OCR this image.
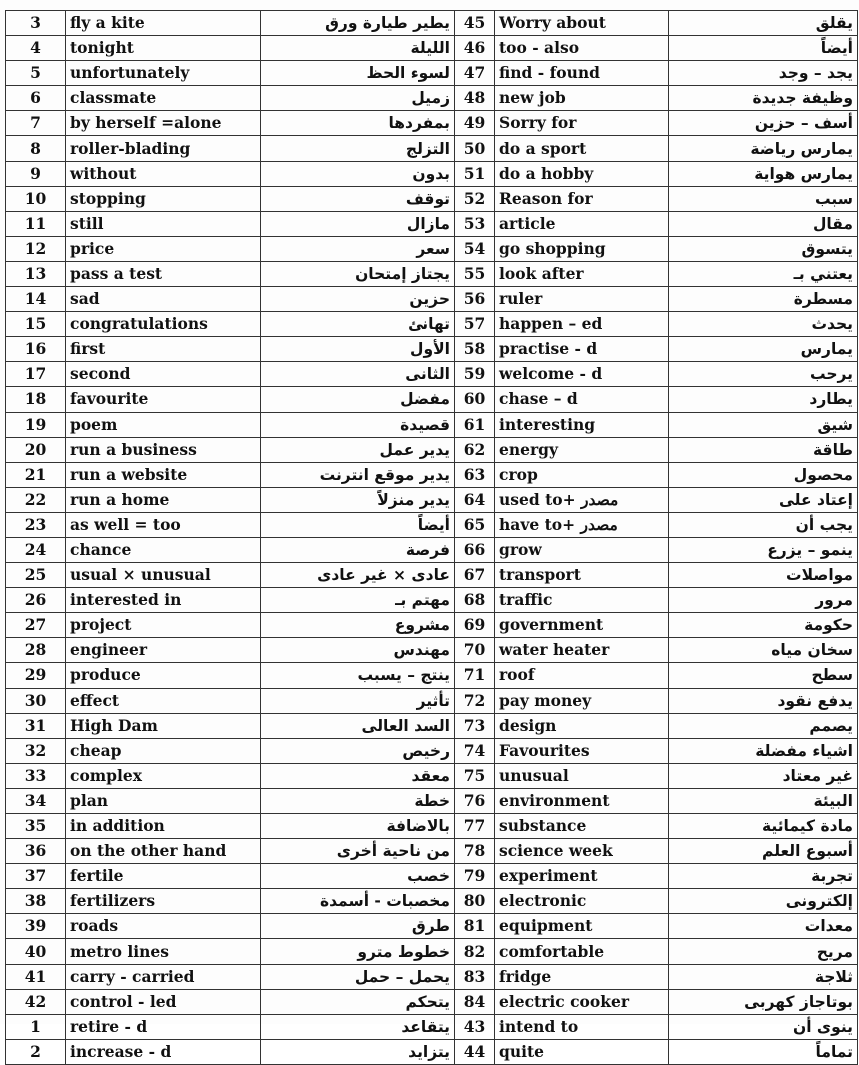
3	fly a kite	يطير طيارة ورق	45	Worry about	يقلق
4	tonight	الليلة	46	too - also	أيضاً
5	unfortunately	لسوء الحظ	47	find - found	يجد – وجد
6	classmate	زميل	48	new job	وظيفة جديدة
7	by herself =alone	بمفردها	49	Sorry for	أسف – حزين
8	roller-blading	التزلج	50	do a sport	يمارس رياضة
9	without	بدون	51	do a hobby	يمارس هواية
10	stopping	توقف	52	Reason for	سبب
11	still	مازال	53	article	مقال
12	price	سعر	54	go shopping	يتسوق
13	pass a test	يجتاز إمتحان	55	look after	يعتني بـ
14	sad	حزين	56	ruler	مسطرة
15	congratulations	تهانئ	57	happen – ed	يحدث
16	first	الأول	58	practise - d	يمارس
17	second	الثانى	59	welcome - d	يرحب
18	favourite	مفضل	60	chase – d	يطارد
19	poem	قصيدة	61	interesting	شيق
20	run a business	يدير عمل	62	energy	طاقة
21	run a website	يدير موقع انترنت	63	crop	محصول
22	run a home	يدير منزلاً	64	used to+ مصدر	إعتاد على
23	as well = too	أيضاً	65	have to+ مصدر	يجب أن
24	chance	فرصة	66	grow	ينمو – يزرع
25	usual × unusual	عادى × غير عادى	67	transport	مواصلات
26	interested in	مهتم بـ	68	traffic	مرور
27	project	مشروع	69	government	حكومة
28	engineer	مهندس	70	water heater	سخان مياه
29	produce	ينتج – يسبب	71	roof	سطح
30	effect	تأثير	72	pay money	يدفع نقود
31	High Dam	السد العالى	73	design	يصمم
32	cheap	رخيص	74	Favourites	اشياء مفضلة
33	complex	معقد	75	unusual	غير معتاد
34	plan	خطة	76	environment	البيئة
35	in addition	بالاضافة	77	substance	مادة كيمائية
36	on the other hand	من ناحية أخرى	78	science week	أسبوع العلم
37	fertile	خصب	79	experiment	تجربة
38	fertilizers	مخصبات - أسمدة	80	electronic	إلكترونى
39	roads	طرق	81	equipment	معدات
40	metro lines	خطوط مترو	82	comfortable	مريح
41	carry - carried	يحمل – حمل	83	fridge	ثلاجة
42	control - led	يتحكم	84	electric cooker	بوتاجاز كهربى
1	retire - d	يتقاعد	43	intend to	ينوى أن
2	increase - d	يتزايد	44	quite	تماماً
